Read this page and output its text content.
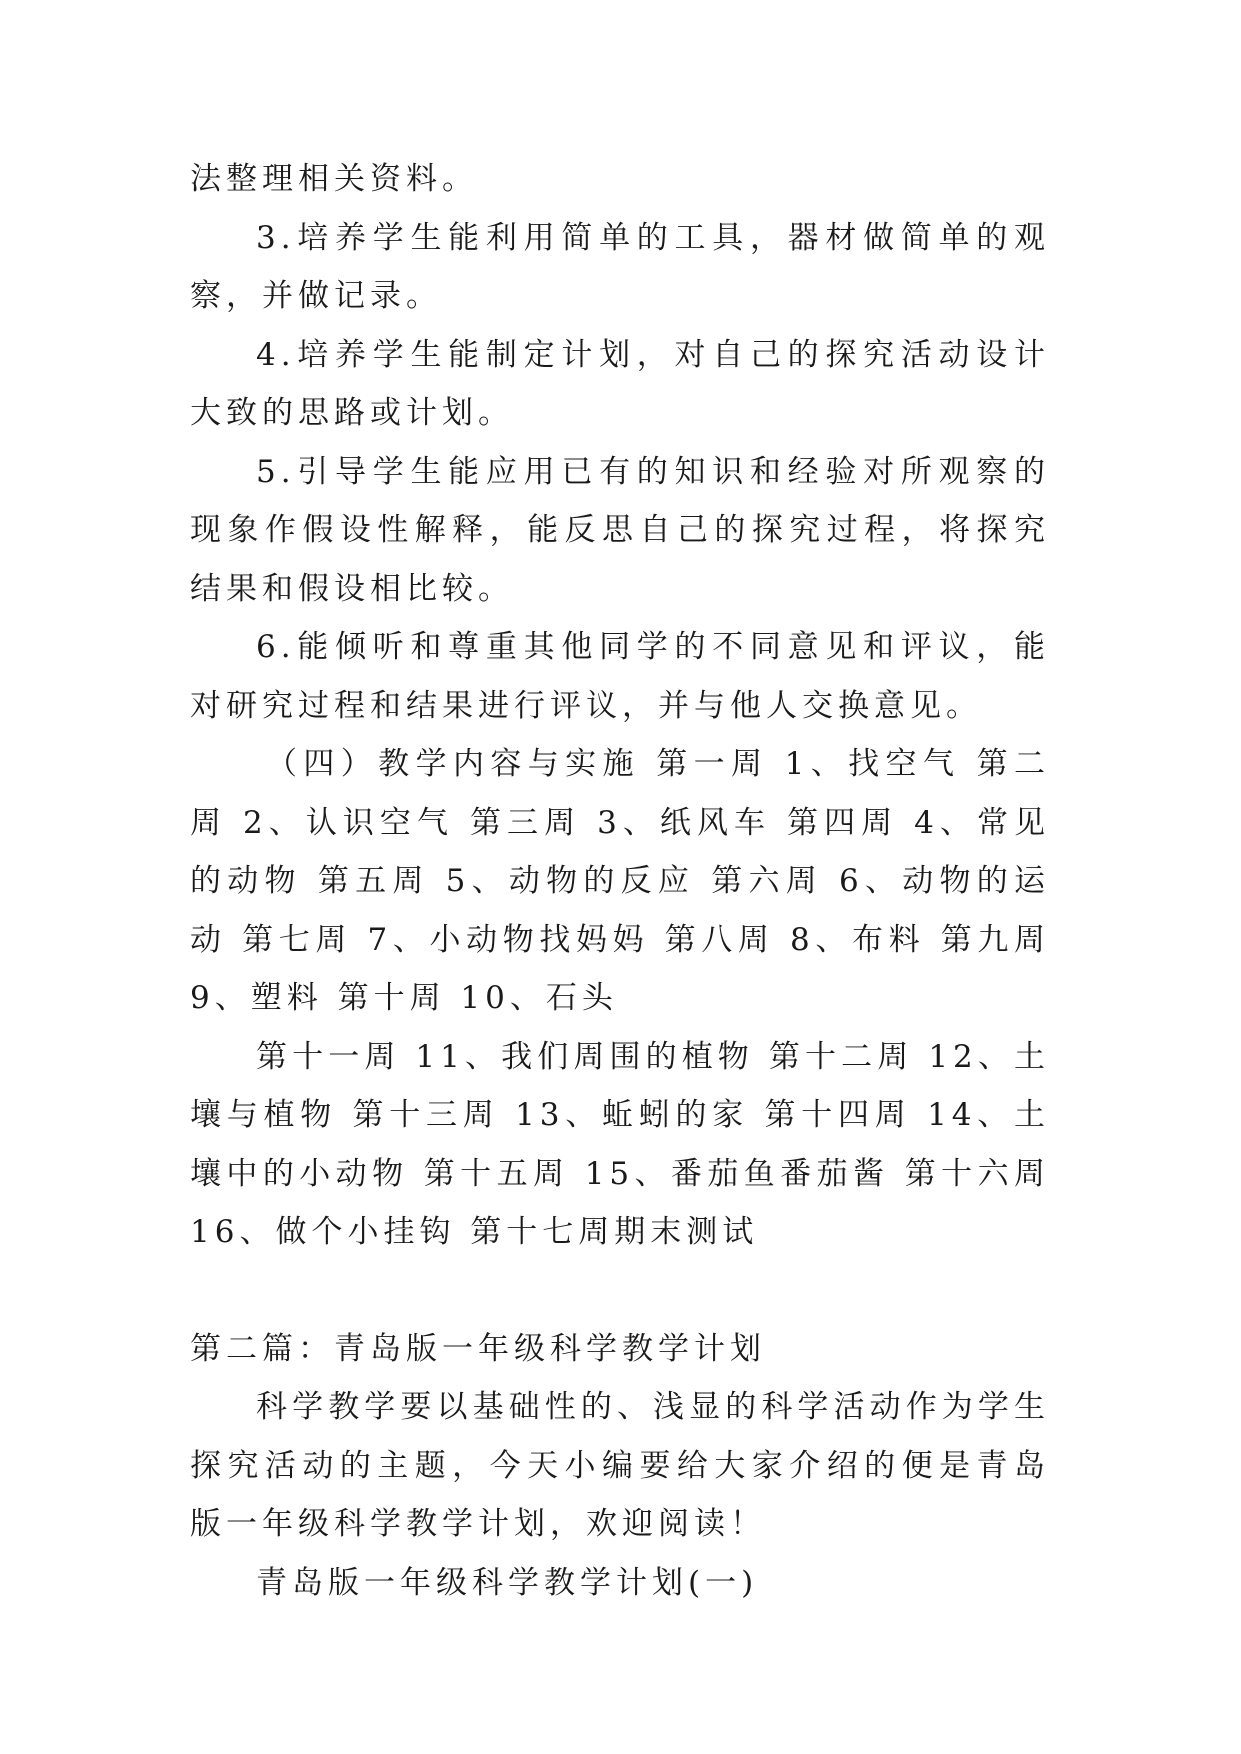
法整理相关资料。

3.培养学生能利用简单的工具，器材做简单的观察，并做记录。

4.培养学生能制定计划，对自己的探究活动设计大致的思路或计划。

5.引导学生能应用已有的知识和经验对所观察的现象作假设性解释，能反思自己的探究过程，将探究结果和假设相比较。

6.能倾听和尊重其他同学的不同意见和评议，能对研究过程和结果进行评议，并与他人交换意见。

（四）教学内容与实施 第一周 1、找空气 第二周 2、认识空气 第三周 3、纸风车 第四周 4、常见的动物 第五周 5、动物的反应 第六周 6、动物的运动 第七周 7、小动物找妈妈 第八周 8、布料 第九周 9、塑料 第十周 10、石头

第十一周 11、我们周围的植物 第十二周 12、土壤与植物 第十三周 13、蚯蚓的家 第十四周 14、土壤中的小动物 第十五周 15、番茄鱼番茄酱 第十六周 16、做个小挂钩 第十七周期末测试

第二篇：青岛版一年级科学教学计划

科学教学要以基础性的、浅显的科学活动作为学生探究活动的主题，今天小编要给大家介绍的便是青岛版一年级科学教学计划，欢迎阅读！

青岛版一年级科学教学计划(一)
